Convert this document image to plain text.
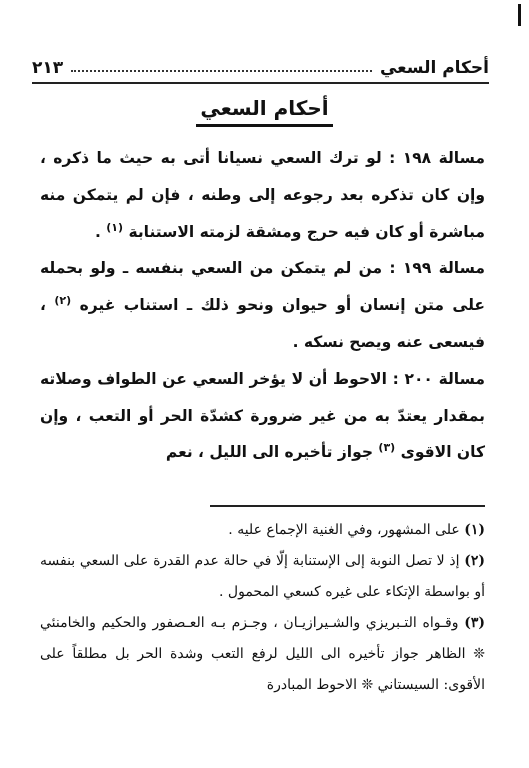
أحكام السعي
٢١٣
أحكام السعي

مسالة ١٩٨ : لو ترك السعي نسيانا أتى به حيث ما ذكره ، وإن كان تذكره بعد رجوعه إلى وطنه ، فإن لم يتمكن منه مباشرة أو كان فيه حرج ومشقة لزمته الاستنابة $^{(١)}$ .

مسالة ١٩٩ : من لم يتمكن من السعي بنفسه ـ ولو بحمله على متن إنسان أو حيوان ونحو ذلك ـ استناب غيره $^{(٢)}$ ، فيسعى عنه ويصح نسكه .

مسالة ٢٠٠ : الاحوط أن لا يؤخر السعي عن الطواف وصلاته بمقدار يعتدّ به من غير ضرورة كشدّة الحر أو التعب ، وإن كان الاقوى $^{(٣)}$ جواز تأخيره الى الليل ، نعم

(١) على المشهور، وفي الغنية الإجماع عليه .

(٢) إذ لا تصل النوبة إلى الإستنابة إلّا في حالة عدم القدرة على السعي بنفسه أو بواسطة الإتكاء على غيره كسعي المحمول .

(٣) وقـواه التـبريزي والشـيرازيـان ، وجـزم بـه العـصفور والحكيم والخامنئي ❊ الظاهر جواز تأخيره الى الليل لرفع التعب وشدة الحر بل مطلقاً على الأقوى: السيستاني ❊ الاحوط المبادرة
